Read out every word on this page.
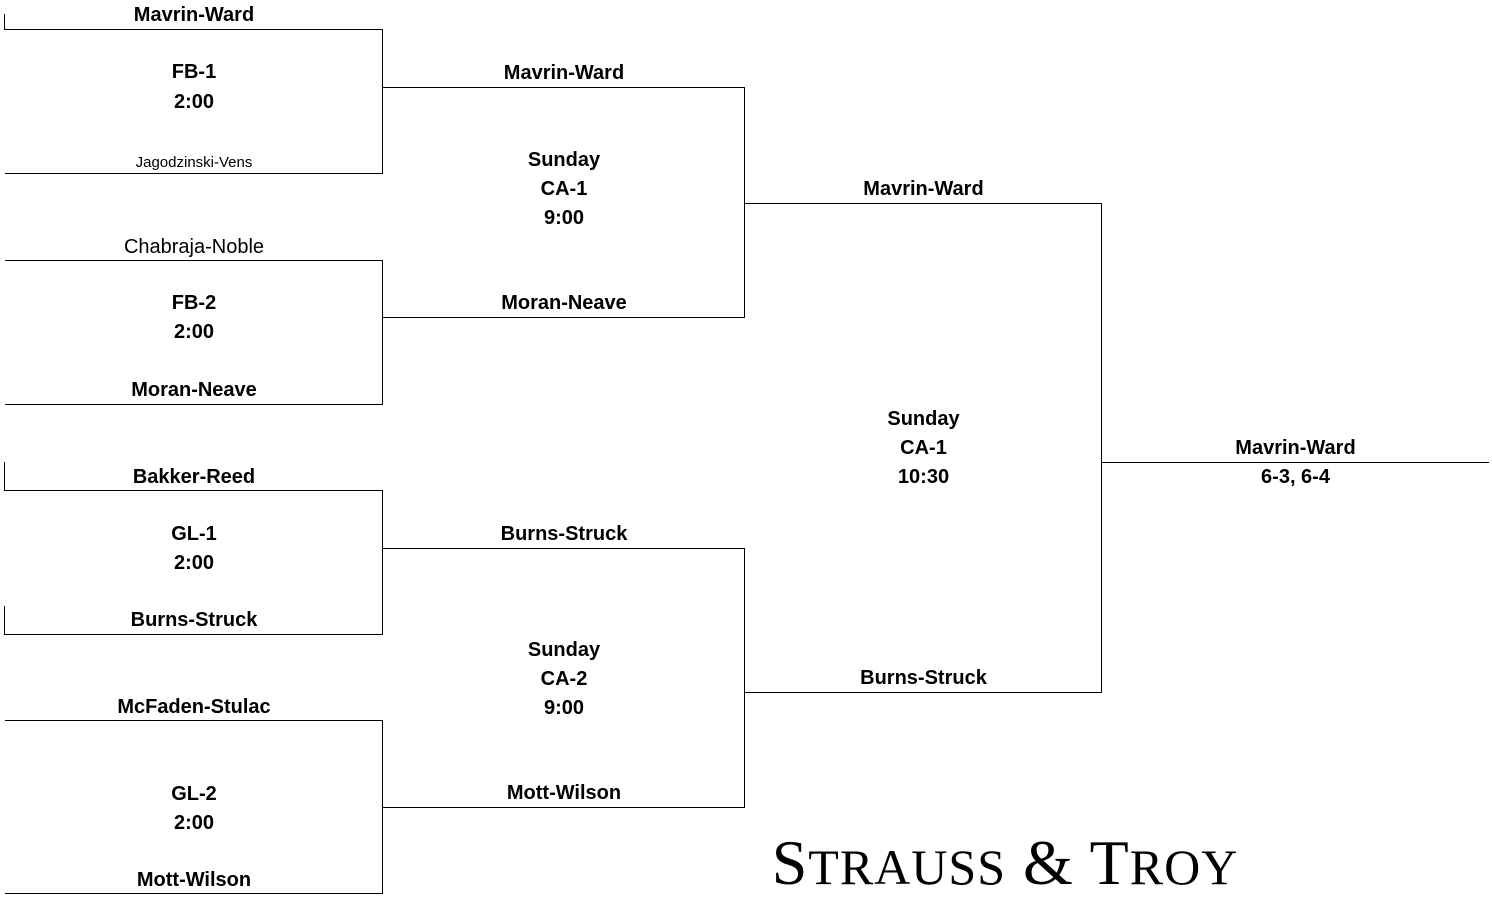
Mavrin-Ward
FB-1
2:00
Jagodzinski-Vens
Chabraja-Noble
FB-2
2:00
Moran-Neave
Bakker-Reed
GL-1
2:00
Burns-Struck
McFaden-Stulac
GL-2
2:00
Mott-Wilson
Mavrin-Ward
Sunday
CA-1
9:00
Moran-Neave
Burns-Struck
Sunday
CA-2
9:00
Mott-Wilson
Mavrin-Ward
Sunday
CA-1
10:30
Burns-Struck
Mavrin-Ward
6-3, 6-4
STRAUSS & TROY
